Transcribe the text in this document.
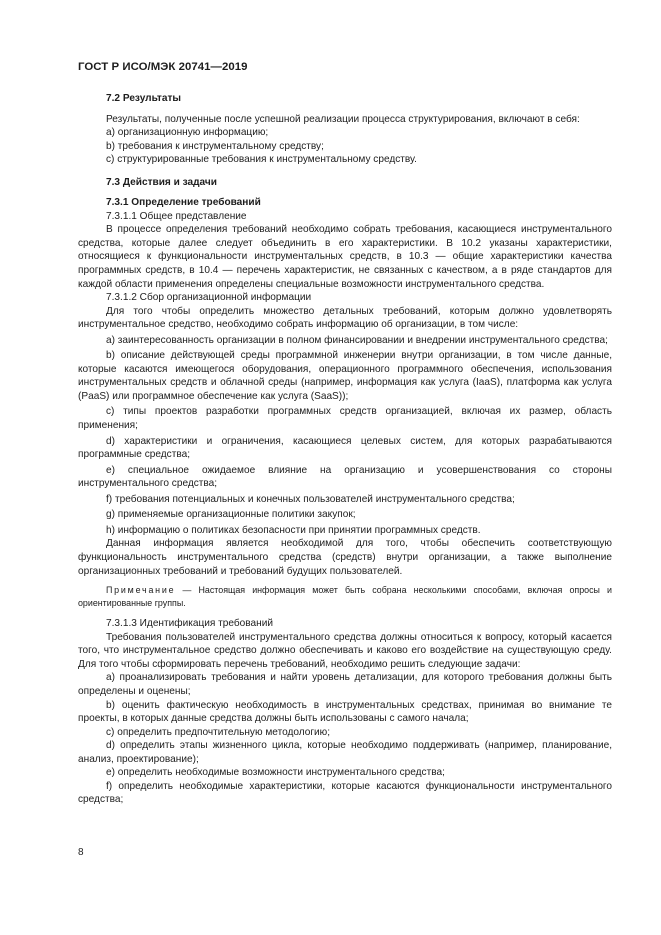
ГОСТ Р ИСО/МЭК 20741—2019

7.2 Результаты

Результаты, полученные после успешной реализации процесса структурирования, включают в себя:

a) организационную информацию;

b) требования к инструментальному средству;

c) структурированные требования к инструментальному средству.

7.3 Действия и задачи

7.3.1 Определение требований

7.3.1.1 Общее представление

В процессе определения требований необходимо собрать требования, касающиеся инструментального средства, которые далее следует объединить в его характеристики. В 10.2 указаны характеристики, относящиеся к функциональности инструментальных средств, в 10.3 — общие характеристики качества программных средств, в 10.4 — перечень характеристик, не связанных с качеством, а в ряде стандартов для каждой области применения определены специальные возможности инструментального средства.

7.3.1.2 Сбор организационной информации

Для того чтобы определить множество детальных требований, которым должно удовлетворять инструментальное средство, необходимо собрать информацию об организации, в том числе:

a) заинтересованность организации в полном финансировании и внедрении инструментального средства;

b) описание действующей среды программной инженерии внутри организации, в том числе данные, которые касаются имеющегося оборудования, операционного программного обеспечения, использования инструментальных средств и облачной среды (например, информация как услуга (IaaS), платформа как услуга (PaaS) или программное обеспечение как услуга (SaaS));

c) типы проектов разработки программных средств организацией, включая их размер, область применения;

d) характеристики и ограничения, касающиеся целевых систем, для которых разрабатываются программные средства;

e) специальное ожидаемое влияние на организацию и усовершенствования со стороны инструментального средства;

f) требования потенциальных и конечных пользователей инструментального средства;

g) применяемые организационные политики закупок;

h) информацию о политиках безопасности при принятии программных средств.

Данная информация является необходимой для того, чтобы обеспечить соответствующую функциональность инструментального средства (средств) внутри организации, а также выполнение организационных требований и требований будущих пользователей.

Примечание — Настоящая информация может быть собрана несколькими способами, включая опросы и ориентированные группы.

7.3.1.3 Идентификация требований

Требования пользователей инструментального средства должны относиться к вопросу, который касается того, что инструментальное средство должно обеспечивать и каково его воздействие на существующую среду. Для того чтобы сформировать перечень требований, необходимо решить следующие задачи:

a) проанализировать требования и найти уровень детализации, для которого требования должны быть определены и оценены;

b) оценить фактическую необходимость в инструментальных средствах, принимая во внимание те проекты, в которых данные средства должны быть использованы с самого начала;

c) определить предпочтительную методологию;

d) определить этапы жизненного цикла, которые необходимо поддерживать (например, планирование, анализ, проектирование);

e) определить необходимые возможности инструментального средства;

f) определить необходимые характеристики, которые касаются функциональности инструментального средства;

8
